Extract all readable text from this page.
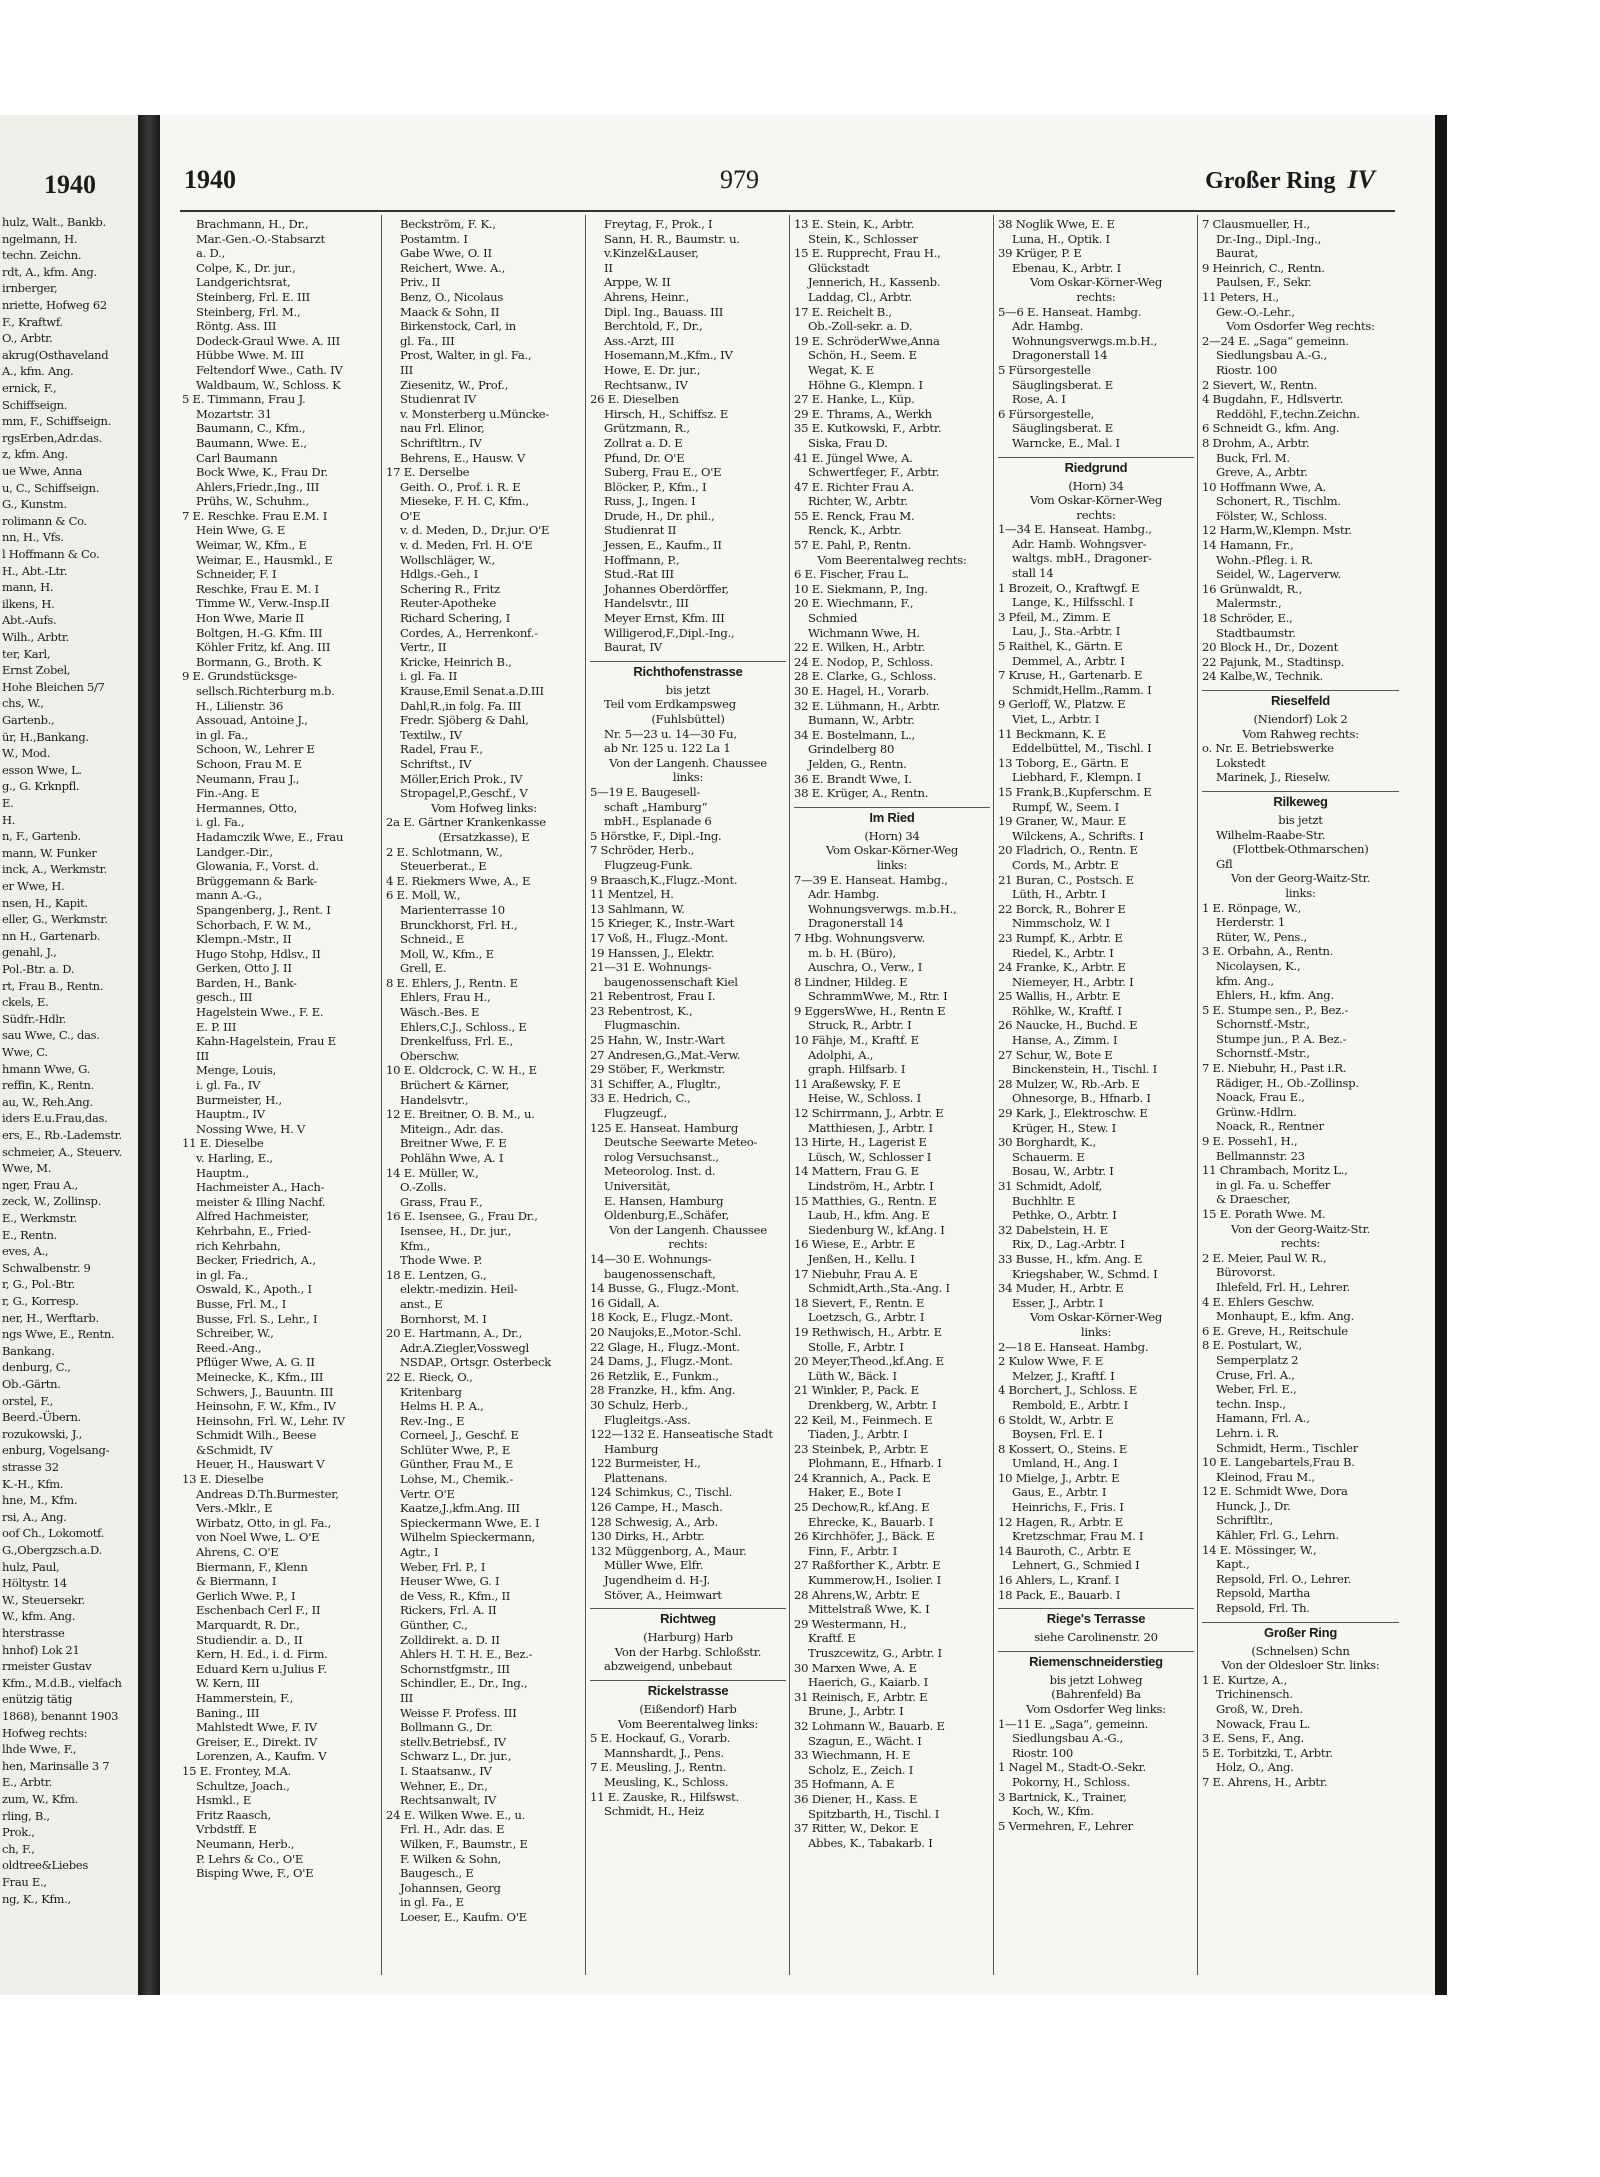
1940
hulz, Walt., Bankb.
ngelmann, H.
techn. Zeichn.
rdt, A., kfm. Ang.
irnberger,
nriette, Hofweg 62
F., Kraftwf.
O., Arbtr.
akrug(Osthaveland
A., kfm. Ang.
ernick, F.,
Schiffseign.
mm, F., Schiffseign.
rgsErben,Adr.das.
z, kfm. Ang.
ue Wwe, Anna
u, C., Schiffseign.
G., Kunstm.
rolimann & Co.
nn, H., Vfs.
l Hoffmann & Co.
H., Abt.-Ltr.
mann, H.
ilkens, H.
Abt.-Aufs.
Wilh., Arbtr.
ter, Karl,
Ernst Zobel,
Hohe Bleichen 5/7
chs, W.,
Gartenb.,
ür, H.,Bankang.
W., Mod.
esson Wwe, L.
g., G. Krknpfl.
E.
H.
n, F., Gartenb.
mann, W. Funker
inck, A., Werkmstr.
er Wwe, H.
nsen, H., Kapit.
eller, G., Werkmstr.
nn H., Gartenarb.
genahl, J.,
Pol.-Btr. a. D.
rt, Frau B., Rentn.
ckels, E.
Südfr.-Hdlr.
sau Wwe, C., das.
Wwe, C.
hmann Wwe, G.
reffin, K., Rentn.
au, W., Reh.Ang.
iders E.u.Frau,das.
ers, E., Rb.-Lademstr.
schmeier, A., Steuerv.
Wwe, M.
nger, Frau A.,
zeck, W., Zollinsp.
E., Werkmstr.
E., Rentn.
eves, A.,
Schwalbenstr. 9
r, G., Pol.-Btr.
r, G., Korresp.
ner, H., Werftarb.
ngs Wwe, E., Rentn.
Bankang.
denburg, C.,
Ob.-Gärtn.
orstel, F.,
Beerd.-Übern.
rozukowski, J.,
enburg, Vogelsang-
strasse 32
K.-H., Kfm.
hne, M., Kfm.
rsi, A., Ang.
oof Ch., Lokomotf.
G.,Obergzsch.a.D.
hulz, Paul,
Höltystr. 14
W., Steuersekr.
W., kfm. Ang.
hterstrasse
hnhof) Lok 21
rmeister Gustav
Kfm., M.d.B., vielfach
enützig tätig
1868), benannt 1903
Hofweg rechts:
lhde Wwe, F.,
hen, Marinsalle 3 7
E., Arbtr.
zum, W., Kfm.
rling, B.,
Prok.,
ch, F.,
oldtree&Liebes
Frau E.,
ng, K., Kfm.,
1940	979	Großer Ring IV
Brachmann, H., Dr.,
Mar.-Gen.-O.-Stabsarzt
a. D.,
Colpe, K., Dr. jur.,
Landgerichtsrat,
Steinberg, Frl. E. III
Steinberg, Frl. M.,
Röntg. Ass. III
Dodeck-Graul Wwe. A. III
Hübbe Wwe. M. III
Feltendorf Wwe., Cath. IV
Waldbaum, W., Schloss. K
5 E. Timmann, Frau J.
Mozartstr. 31
Baumann, C., Kfm.,
Baumann, Wwe. E.,
Carl Baumann
Bock Wwe, K., Frau Dr.
Ahlers,Friedr.,Ing., III
Prühs, W., Schuhm.,
7 E. Reschke. Frau E.M. I
Hein Wwe, G. E
Weimar, W., Kfm., E
Weimar, E., Hausmkl., E
Schneider, F. I
Reschke, Frau E. M. I
Timme W., Verw.-Insp.II
Hon Wwe, Marie II
Boltgen, H.-G. Kfm. III
Köhler Fritz, kf. Ang. III
Bormann, G., Broth. K
9 E. Grundstücksge-
sellsch.Richterburg m.b.
H., Lilienstr. 36
Assouad, Antoine J.,
in gl. Fa.,
Schoon, W., Lehrer E
Schoon, Frau M. E
Neumann, Frau J.,
Fin.-Ang. E
Hermannes, Otto,
i. gl. Fa.,
Hadamczik Wwe, E., Frau
Landger.-Dir.,
Glowania, F., Vorst. d.
Brüggemann & Bark-
mann A.-G.,
Spangenberg, J., Rent. I
Schorbach, F. W. M.,
Klempn.-Mstr., II
Hugo Stohp, Hdlsv., II
Gerken, Otto J. II
Barden, H., Bank-
gesch., III
Hagelstein Wwe., F. E.
E. P. III
Kahn-Hagelstein, Frau E
III
Menge, Louis,
i. gl. Fa., IV
Burmeister, H.,
Hauptm., IV
Nossing Wwe, H. V
11 E. Dieselbe
v. Harling, E.,
Hauptm.,
Hachmeister A., Hach-
meister & Illing Nachf.
Alfred Hachmeister,
Kehrbahn, E., Fried-
rich Kehrbahn,
Becker, Friedrich, A.,
in gl. Fa.,
Oswald, K., Apoth., I
Busse, Frl. M., I
Busse, Frl. S., Lehr., I
Schreiber, W.,
Reed.-Ang.,
Pflüger Wwe, A. G. II
Meinecke, K., Kfm., III
Schwers, J., Bauuntn. III
Heinsohn, F. W., Kfm., IV
Heinsohn, Frl. W., Lehr. IV
Schmidt Wilh., Beese
&Schmidt, IV
Heuer, H., Hauswart V
13 E. Dieselbe
Andreas D.Th.Burmester,
Vers.-Mklr., E
Wirbatz, Otto, in gl. Fa.,
von Noel Wwe, L. O'E
Ahrens, C. O'E
Biermann, F., Klenn
& Biermann, I
Gerlich Wwe. P., I
Eschenbach Cerl F., II
Marquardt, R. Dr.,
Studiendir. a. D., II
Kern, H. Ed., i. d. Firm.
Eduard Kern u.Julius F.
W. Kern, III
Hammerstein, F.,
Baning., III
Mahlstedt Wwe, F. IV
Greiser, E., Direkt. IV
Lorenzen, A., Kaufm. V
15 E. Frontey, M.A.
Schultze, Joach.,
Hsmkl., E
Fritz Raasch,
Vrbdstff. E
Neumann, Herb.,
P. Lehrs & Co., O'E
Bisping Wwe, F., O'E
Beckström, F. K.,
Postamtm. I
Gabe Wwe, O. II
Reichert, Wwe. A.,
Priv., II
Benz, O., Nicolaus
Maack & Sohn, II
Birkenstock, Carl, in
gl. Fa., III
Prost, Walter, in gl. Fa.,
III
Ziesenitz, W., Prof.,
Studienrat IV
v. Monsterberg u.Müncke-
nau Frl. Elinor,
Schriftltrn., IV
Behrens, E., Hausw. V
17 E. Derselbe
Geith. O., Prof. i. R. E
Mieseke, F. H. C, Kfm.,
O'E
v. d. Meden, D., Dr.jur. O'E
v. d. Meden, Frl. H. O'E
Wollschläger, W.,
Hdlgs.-Geh., I
Schering R., Fritz
Reuter-Apotheke
Richard Schering, I
Cordes, A., Herrenkonf.-
Vertr., II
Kricke, Heinrich B.,
i. gl. Fa. II
Krause,Emil Senat.a.D.III
Dahl,R.,in folg. Fa. III
Fredr. Sjöberg & Dahl,
Textilw., IV
Radel, Frau F.,
Schriftst., IV
Möller,Erich Prok., IV
Stropagel,P.,Geschf., V
Vom Hofweg links:
2a E. Gärtner Krankenkasse
(Ersatzkasse), E
2 E. Schlotmann, W.,
Steuerberat., E
4 E. Riekmers Wwe, A., E
6 E. Moll, W.,
Marienterrasse 10
Brunckhorst, Frl. H.,
Schneid., E
Moll, W., Kfm., E
Grell, E.
8 E. Ehlers, J., Rentn. E
Ehlers, Frau H.,
Wäsch.-Bes. E
Ehlers,C.J., Schloss., E
Drenkelfuss, Frl. E.,
Oberschw.
10 E. Oldcrock, C. W. H., E
Brüchert & Kärner,
Handelsvtr.,
12 E. Breitner, O. B. M., u.
Miteign., Adr. das.
Breitner Wwe, F. E
Pohlähn Wwe, A. I
14 E. Müller, W.,
O.-Zolls.
Grass, Frau F.,
16 E. Isensee, G., Frau Dr.,
Isensee, H., Dr. jur.,
Kfm.,
Thode Wwe. P.
18 E. Lentzen, G.,
elektr.-medizin. Heil-
anst., E
Bornhorst, M. I
20 E. Hartmann, A., Dr.,
Adr.A.Ziegler,Vosswegl
NSDAP., Ortsgr. Osterbeck
22 E. Rieck, O.,
Kritenbarg
Helms H. P. A.,
Rev.-Ing., E
Corneel, J., Geschf. E
Schlüter Wwe, P., E
Günther, Frau M., E
Lohse, M., Chemik.-
Vertr. O'E
Kaatze,J.,kfm.Ang. III
Spieckermann Wwe, E. I
Wilhelm Spieckermann,
Agtr., I
Weber, Frl. P., I
Heuser Wwe, G. I
de Vess, R., Kfm., II
Rickers, Frl. A. II
Günther, C.,
Zolldirekt. a. D. II
Ahlers H. T. H. E., Bez.-
Schornstfgmstr., III
Schindler, E., Dr., Ing.,
III
Weisse F. Profess. III
Bollmann G., Dr.
stellv.Betriebsf., IV
Schwarz L., Dr. jur.,
I. Staatsanw., IV
Wehner, E., Dr.,
Rechtsanwalt, IV
24 E. Wilken Wwe. E., u.
Frl. H., Adr. das. E
Wilken, F., Baumstr., E
F. Wilken & Sohn,
Baugesch., E
Johannsen, Georg
in gl. Fa., E
Loeser, E., Kaufm. O'E
Freytag, F., Prok., I
Sann, H. R., Baumstr. u.
v.Kinzel&Lauser,
II
Arppe, W. II
Ahrens, Heinr.,
Dipl. Ing., Bauass. III
Berchtold, F., Dr.,
Ass.-Arzt, III
Hosemann,M.,Kfm., IV
Howe, E. Dr. jur.,
Rechtsanw., IV
26 E. Dieselben
Hirsch, H., Schiffsz. E
Grützmann, R.,
Zollrat a. D. E
Pfund, Dr. O'E
Suberg, Frau E., O'E
Blöcker, P., Kfm., I
Russ, J., Ingen. I
Drude, H., Dr. phil.,
Studienrat II
Jessen, E., Kaufm., II
Hoffmann, P.,
Stud.-Rat III
Johannes Oberdörffer,
Handelsvtr., III
Meyer Ernst, Kfm. III
Willigerod,F.,Dipl.-Ing.,
Baurat, IV
Richthofenstrasse
bis jetzt
Teil vom Erdkampsweg
(Fuhlsbüttel)
Nr. 5—23 u. 14—30 Fu,
ab Nr. 125 u. 122 La 1
Von der Langenh. Chaussee
links:
5—19 E. Baugesell-
schaft „Hamburg“
mbH., Esplanade 6
5 Hörstke, F., Dipl.-Ing.
7 Schröder, Herb.,
Flugzeug-Funk.
9 Braasch,K.,Flugz.-Mont.
11 Mentzel, H.
13 Sahlmann, W.
15 Krieger, K., Instr.-Wart
17 Voß, H., Flugz.-Mont.
19 Hanssen, J., Elektr.
21—31 E. Wohnungs-
baugenossenschaft Kiel
21 Rebentrost, Frau I.
23 Rebentrost, K.,
Flugmaschin.
25 Hahn, W., Instr.-Wart
27 Andresen,G.,Mat.-Verw.
29 Stöber, F., Werkmstr.
31 Schiffer, A., Flugltr.,
33 E. Hedrich, C.,
Flugzeugf.,
125 E. Hanseat. Hamburg
Deutsche Seewarte Meteo-
rolog Versuchsanst.,
Meteorolog. Inst. d.
Universität,
E. Hansen, Hamburg
Oldenburg,E.,Schäfer,
Von der Langenh. Chaussee
rechts:
14—30 E. Wohnungs-
baugenossenschaft,
14 Busse, G., Flugz.-Mont.
16 Gidall, A.
18 Kock, E., Flugz.-Mont.
20 Naujoks,E.,Motor.-Schl.
22 Glage, H., Flugz.-Mont.
24 Dams, J., Flugz.-Mont.
26 Retzlik, E., Funkm.,
28 Franzke, H., kfm. Ang.
30 Schulz, Herb.,
Flugleitgs.-Ass.
122—132 E. Hanseatische Stadt
Hamburg
122 Burmeister, H.,
Plattenans.
124 Schimkus, C., Tischl.
126 Campe, H., Masch.
128 Schwesig, A., Arb.
130 Dirks, H., Arbtr.
132 Müggenborg, A., Maur.
Müller Wwe, Elfr.
Jugendheim d. H-J.
Stöver, A., Heimwart
Richtweg
(Harburg) Harb
Von der Harbg. Schloßstr.
abzweigend, unbebaut
Rickelstrasse
(Eißendorf) Harb
Vom Beerentalweg links:
5 E. Hockauf, G., Vorarb.
Mannshardt, J., Pens.
7 E. Meusling, J., Rentn.
Meusling, K., Schloss.
11 E. Zauske, R., Hilfswst.
Schmidt, H., Heiz
13 E. Stein, K., Arbtr.
Stein, K., Schlosser
15 E. Rupprecht, Frau H.,
Glückstadt
Jennerich, H., Kassenb.
Laddag, Cl., Arbtr.
17 E. Reichelt B.,
Ob.-Zoll-sekr. a. D.
19 E. SchröderWwe,Anna
Schön, H., Seem. E
Wegat, K. E
Höhne G., Klempn. I
27 E. Hanke, L., Küp.
29 E. Thrams, A., Werkh
35 E. Kutkowski, F., Arbtr.
Siska, Frau D.
41 E. Jüngel Wwe, A.
Schwertfeger, F., Arbtr.
47 E. Richter Frau A.
Richter, W., Arbtr.
55 E. Renck, Frau M.
Renck, K., Arbtr.
57 E. Pahl, P., Rentn.
Vom Beerentalweg rechts:
6 E. Fischer, Frau L.
10 E. Siekmann, P., Ing.
20 E. Wiechmann, F.,
Schmied
Wichmann Wwe, H.
22 E. Wilken, H., Arbtr.
24 E. Nodop, P., Schloss.
28 E. Clarke, G., Schloss.
30 E. Hagel, H., Vorarb.
32 E. Lühmann, H., Arbtr.
Bumann, W., Arbtr.
34 E. Bostelmann, L.,
Grindelberg 80
Jelden, G., Rentn.
36 E. Brandt Wwe, I.
38 E. Krüger, A., Rentn.
Im Ried
(Horn) 34
Vom Oskar-Körner-Weg
links:
7—39 E. Hanseat. Hambg.,
Adr. Hambg.
Wohnungsverwgs. m.b.H.,
Dragonerstall 14
7 Hbg. Wohnungsverw.
m. b. H. (Büro),
Auschra, O., Verw., I
8 Lindner, Hildeg. E
SchrammWwe, M., Rtr. I
9 EggersWwe, H., Rentn E
Struck, R., Arbtr. I
10 Fähje, M., Kraftf. E
Adolphi, A.,
graph. Hilfsarb. I
11 Araßewsky, F. E
Heise, W., Schloss. I
12 Schirrmann, J., Arbtr. E
Matthiesen, J., Arbtr. I
13 Hirte, H., Lagerist E
Lüsch, W., Schlosser I
14 Mattern, Frau G. E
Lindström, H., Arbtr. I
15 Matthies, G., Rentn. E
Laub, H., kfm. Ang. E
Siedenburg W., kf.Ang. I
16 Wiese, E., Arbtr. E
Jenßen, H., Kellu. I
17 Niebuhr, Frau A. E
Schmidt,Arth.,Sta.-Ang. I
18 Sievert, F., Rentn. E
Loetzsch, G., Arbtr. I
19 Rethwisch, H., Arbtr. E
Stolle, F., Arbtr. I
20 Meyer,Theod.,kf.Ang. E
Lüth W., Bäck. I
21 Winkler, P., Pack. E
Drenkberg, W., Arbtr. I
22 Keil, M., Feinmech. E
Tiaden, J., Arbtr. I
23 Steinbek, P., Arbtr. E
Plohmann, E., Hfnarb. I
24 Krannich, A., Pack. E
Haker, E., Bote I
25 Dechow,R., kf.Ang. E
Ehrecke, K., Bauarb. I
26 Kirchhöfer, J., Bäck. E
Finn, F., Arbtr. I
27 Raßforther K., Arbtr. E
Kummerow,H., Isolier. I
28 Ahrens,W., Arbtr. E
Mittelstraß Wwe, K. I
29 Westermann, H.,
Kraftf. E
Truszcewitz, G., Arbtr. I
30 Marxen Wwe, A. E
Haerich, G., Kaiarb. I
31 Reinisch, F., Arbtr. E
Brune, J., Arbtr. I
32 Lohmann W., Bauarb. E
Szagun, E., Wächt. I
33 Wiechmann, H. E
Scholz, E., Zeich. I
35 Hofmann, A. E
36 Diener, H., Kass. E
Spitzbarth, H., Tischl. I
37 Ritter, W., Dekor. E
Abbes, K., Tabakarb. I
38 Noglik Wwe, E. E
Luna, H., Optik. I
39 Krüger, P. E
Ebenau, K., Arbtr. I
Vom Oskar-Körner-Weg
rechts:
5—6 E. Hanseat. Hambg.
Adr. Hambg.
Wohnungsverwgs.m.b.H.,
Dragonerstall 14
5 Fürsorgestelle
Säuglingsberat. E
Rose, A. I
6 Fürsorgestelle,
Säuglingsberat. E
Warncke, E., Mal. I
Riedgrund
(Horn) 34
Vom Oskar-Körner-Weg
rechts:
1—34 E. Hanseat. Hambg.,
Adr. Hamb. Wohngsver-
waltgs. mbH., Dragoner-
stall 14
1 Brozeit, O., Kraftwgf. E
Lange, K., Hilfsschl. I
3 Pfeil, M., Zimm. E
Lau, J., Sta.-Arbtr. I
5 Raithel, K., Gärtn. E
Demmel, A., Arbtr. I
7 Kruse, H., Gartenarb. E
Schmidt,Hellm.,Ramm. I
9 Gerloff, W., Platzw. E
Viet, L., Arbtr. I
11 Beckmann, K. E
Eddelbüttel, M., Tischl. I
13 Toborg, E., Gärtn. E
Liebhard, F., Klempn. I
15 Frank,B.,Kupferschm. E
Rumpf, W., Seem. I
19 Graner, W., Maur. E
Wilckens, A., Schrifts. I
20 Fladrich, O., Rentn. E
Cords, M., Arbtr. E
21 Buran, C., Postsch. E
Lüth, H., Arbtr. I
22 Borck, R., Bohrer E
Nimmscholz, W. I
23 Rumpf, K., Arbtr. E
Riedel, K., Arbtr. I
24 Franke, K., Arbtr. E
Niemeyer, H., Arbtr. I
25 Wallis, H., Arbtr. E
Röhlke, W., Kraftf. I
26 Naucke, H., Buchd. E
Hanse, A., Zimm. I
27 Schur, W., Bote E
Binckenstein, H., Tischl. I
28 Mulzer, W., Rb.-Arb. E
Ohnesorge, B., Hfnarb. I
29 Kark, J., Elektroschw. E
Krüger, H., Stew. I
30 Borghardt, K.,
Schauerm. E
Bosau, W., Arbtr. I
31 Schmidt, Adolf,
Buchhltr. E
Pethke, O., Arbtr. I
32 Dabelstein, H. E
Rix, D., Lag.-Arbtr. I
33 Busse, H., kfm. Ang. E
Kriegshaber, W., Schmd. I
34 Muder, H., Arbtr. E
Esser, J., Arbtr. I
Vom Oskar-Körner-Weg
links:
2—18 E. Hanseat. Hambg.
2 Kulow Wwe, F. E
Melzer, J., Kraftf. I
4 Borchert, J., Schloss. E
Rembold, E., Arbtr. I
6 Stoldt, W., Arbtr. E
Boysen, Frl. E. I
8 Kossert, O., Steins. E
Umland, H., Ang. I
10 Mielge, J., Arbtr. E
Gaus, E., Arbtr. I
Heinrichs, F., Fris. I
12 Hagen, R., Arbtr. E
Kretzschmar, Frau M. I
14 Bauroth, C., Arbtr. E
Lehnert, G., Schmied I
16 Ahlers, L., Kranf. I
18 Pack, E., Bauarb. I
Riege's Terrasse
siehe Carolinenstr. 20
Riemenschneiderstieg
bis jetzt Lohweg
(Bahrenfeld) Ba
Vom Osdorfer Weg links:
1—11 E. „Saga“, gemeinn.
Siedlungsbau A.-G.,
Riostr. 100
1 Nagel M., Stadt-O.-Sekr.
Pokorny, H., Schloss.
3 Bartnick, K., Trainer,
Koch, W., Kfm.
5 Vermehren, F., Lehrer
7 Clausmueller, H.,
Dr.-Ing., Dipl.-Ing.,
Baurat,
9 Heinrich, C., Rentn.
Paulsen, F., Sekr.
11 Peters, H.,
Gew.-O.-Lehr.,
Vom Osdorfer Weg rechts:
2—24 E. „Saga“ gemeinn.
Siedlungsbau A.-G.,
Riostr. 100
2 Sievert, W., Rentn.
4 Bugdahn, F., Hdlsvertr.
Reddöhl, F.,techn.Zeichn.
6 Schneidt G., kfm. Ang.
8 Drohm, A., Arbtr.
Buck, Frl. M.
Greve, A., Arbtr.
10 Hoffmann Wwe, A.
Schonert, R., Tischlm.
Fölster, W., Schloss.
12 Harm,W.,Klempn. Mstr.
14 Hamann, Fr.,
Wohn.-Pfleg. i. R.
Seidel, W., Lagerverw.
16 Grünwaldt, R.,
Malermstr.,
18 Schröder, E.,
Stadtbaumstr.
20 Block H., Dr., Dozent
22 Pajunk, M., Stadtinsp.
24 Kalbe,W., Technik.
Rieselfeld
(Niendorf) Lok 2
Vom Rahweg rechts:
o. Nr. E. Betriebswerke
Lokstedt
Marinek, J., Rieselw.
Rilkeweg
bis jetzt
Wilhelm-Raabe-Str.
(Flottbek-Othmarschen)
Gfl
Von der Georg-Waitz-Str.
links:
1 E. Rönpage, W.,
Herderstr. 1
Rüter, W., Pens.,
3 E. Orbahn, A., Rentn.
Nicolaysen, K.,
kfm. Ang.,
Ehlers, H., kfm. Ang.
5 E. Stumpe sen., P., Bez.-
Schornstf.-Mstr.,
Stumpe jun., P. A. Bez.-
Schornstf.-Mstr.,
7 E. Niebuhr, H., Past i.R.
Rädiger, H., Ob.-Zollinsp.
Noack, Frau E.,
Grünw.-Hdlrn.
Noack, R., Rentner
9 E. Posseh1, H.,
Bellmannstr. 23
11 Chrambach, Moritz L.,
in gl. Fa. u. Scheffer
& Draescher,
15 E. Porath Wwe. M.
Von der Georg-Waitz-Str.
rechts:
2 E. Meier, Paul W. R.,
Bürovorst.
Ihlefeld, Frl. H., Lehrer.
4 E. Ehlers Geschw.
Monhaupt, E., kfm. Ang.
6 E. Greve, H., Reitschule
8 E. Postulart, W.,
Semperplatz 2
Cruse, Frl. A.,
Weber, Frl. E.,
techn. Insp.,
Hamann, Frl. A.,
Lehrn. i. R.
Schmidt, Herm., Tischler
10 E. Langebartels,Frau B.
Kleinod, Frau M.,
12 E. Schmidt Wwe, Dora
Hunck, J., Dr.
Schriftltr.,
Kähler, Frl. G., Lehrn.
14 E. Mössinger, W.,
Kapt.,
Repsold, Frl. O., Lehrer.
Repsold, Martha
Repsold, Frl. Th.
Großer Ring
(Schnelsen) Schn
Von der Oldesloer Str. links:
1 E. Kurtze, A.,
Trichinensch.
Groß, W., Dreh.
Nowack, Frau L.
3 E. Sens, F., Ang.
5 E. Torbitzki, T., Arbtr.
Holz, O., Ang.
7 E. Ahrens, H., Arbtr.
